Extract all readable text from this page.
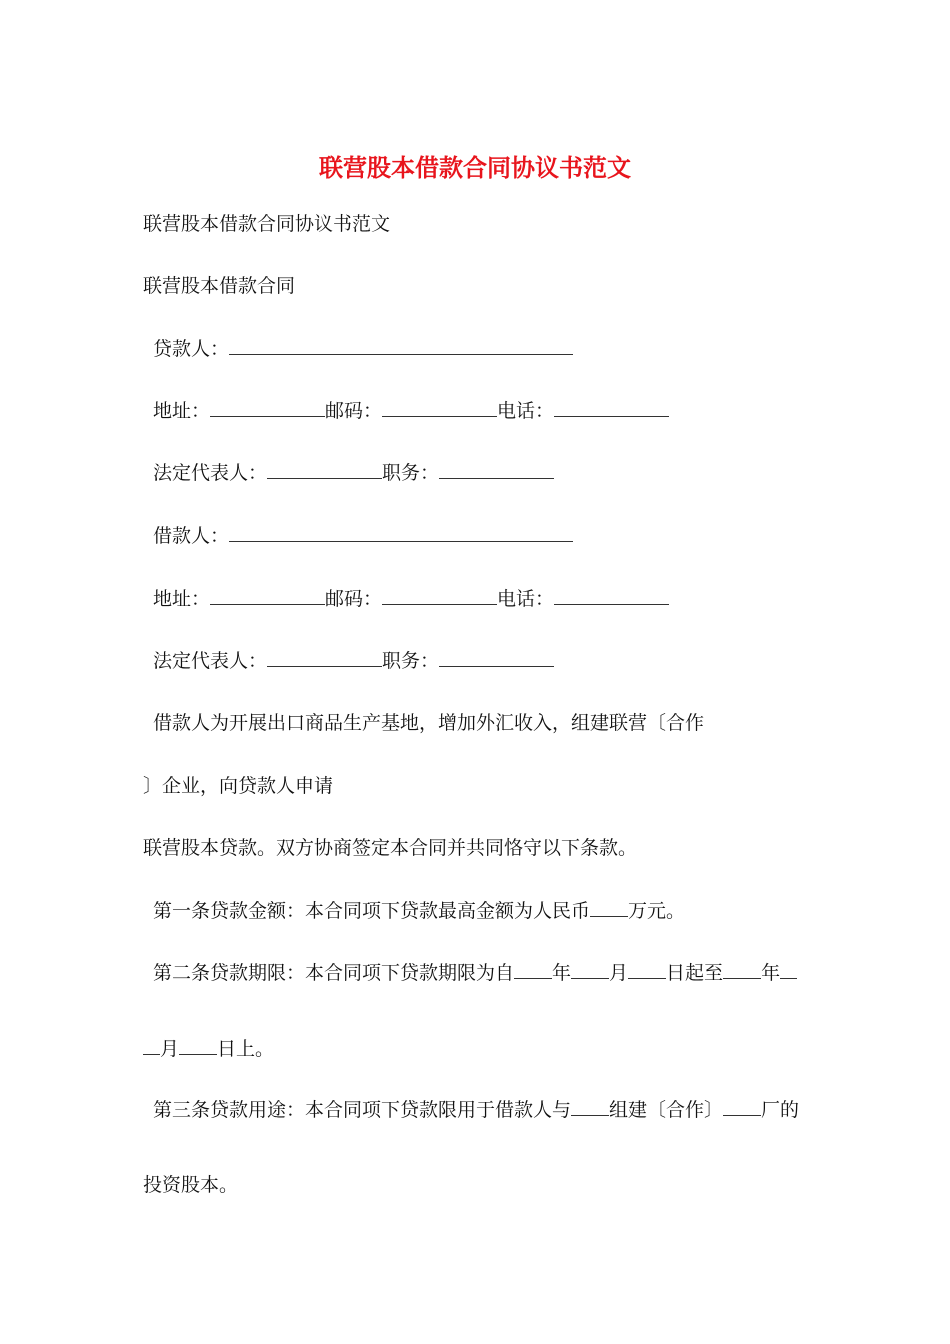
联营股本借款合同协议书范文
联营股本借款合同协议书范文
联营股本借款合同
贷款人：
地址：	邮码：	电话：
法定代表人：	职务：
借款人：
地址：	邮码：	电话：
法定代表人：	职务：
借款人为开展出口商品生产基地，增加外汇收入，组建联营〔合作
〕企业，向贷款人申请
联营股本贷款。双方协商签定本合同并共同恪守以下条款。
第一条贷款金额：本合同项下贷款最高金额为人民币 万元。
第二条贷款期限：本合同项下贷款期限为自 年 月 日起至 年
月 日上。
第三条贷款用途：本合同项下贷款限用于借款人与 组建〔合作〕 厂的
投资股本。
